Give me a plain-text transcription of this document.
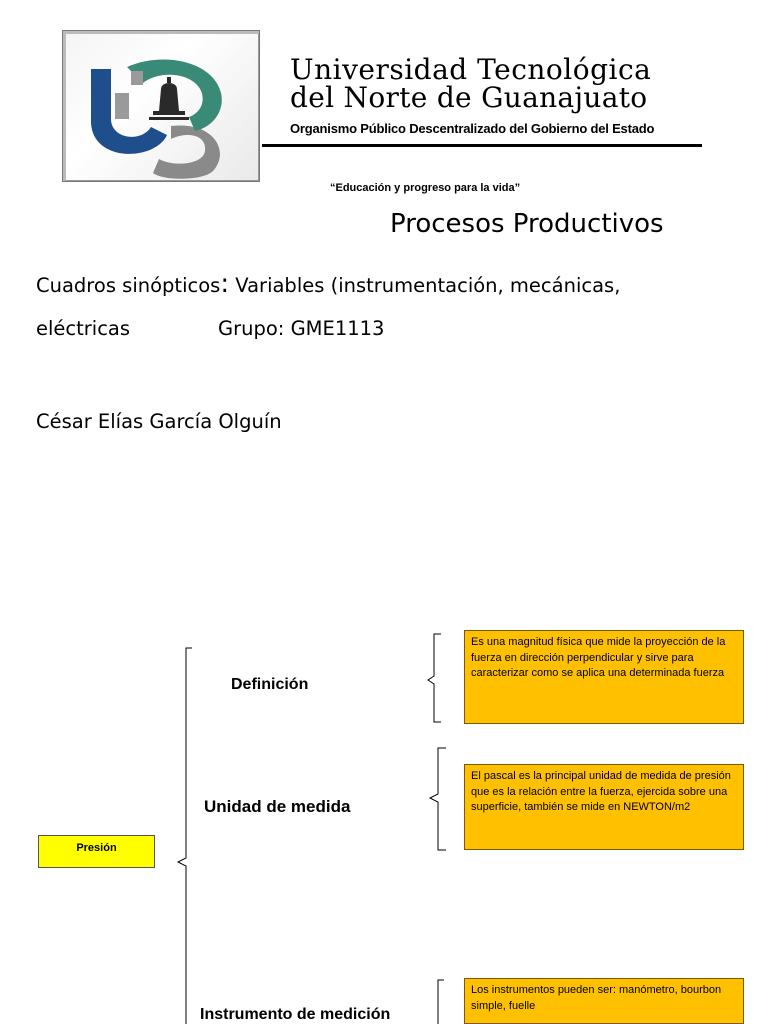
Universidad Tecnológica
del Norte de Guanajuato
Organismo Público Descentralizado del Gobierno del Estado
“Educación y progreso para la vida”
Procesos Productivos
Cuadros sinópticos: Variables (instrumentación, mecánicas,
eléctricas	Grupo: GME1113
César Elías García Olguín
Presión
Definición
Unidad de medida
Instrumento de medición
Es una magnitud física que mide la proyección de la fuerza en dirección perpendicular y sirve para caracterizar como se aplica una determinada fuerza
El pascal es la principal unidad de medida de presión que es la relación entre la fuerza, ejercida sobre una superficie, también se mide en NEWTON/m2
Los instrumentos pueden ser: manómetro, bourbon simple, fuelle
